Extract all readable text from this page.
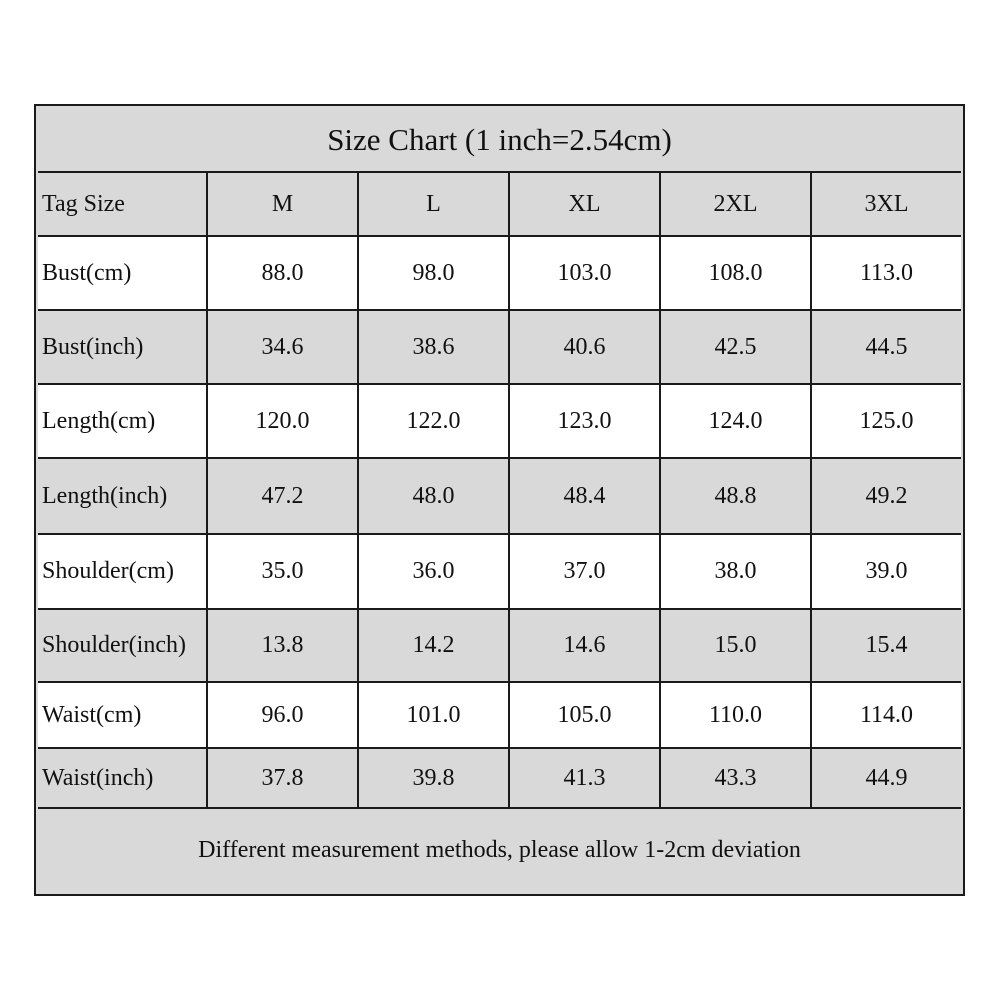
Size Chart (1 inch=2.54cm)					
Tag Size	M	L	XL	2XL	3XL
Bust(cm)	88.0	98.0	103.0	108.0	113.0
Bust(inch)	34.6	38.6	40.6	42.5	44.5
Length(cm)	120.0	122.0	123.0	124.0	125.0
Length(inch)	47.2	48.0	48.4	48.8	49.2
Shoulder(cm)	35.0	36.0	37.0	38.0	39.0
Shoulder(inch)	13.8	14.2	14.6	15.0	15.4
Waist(cm)	96.0	101.0	105.0	110.0	114.0
Waist(inch)	37.8	39.8	41.3	43.3	44.9
Different measurement methods, please allow 1-2cm deviation					
